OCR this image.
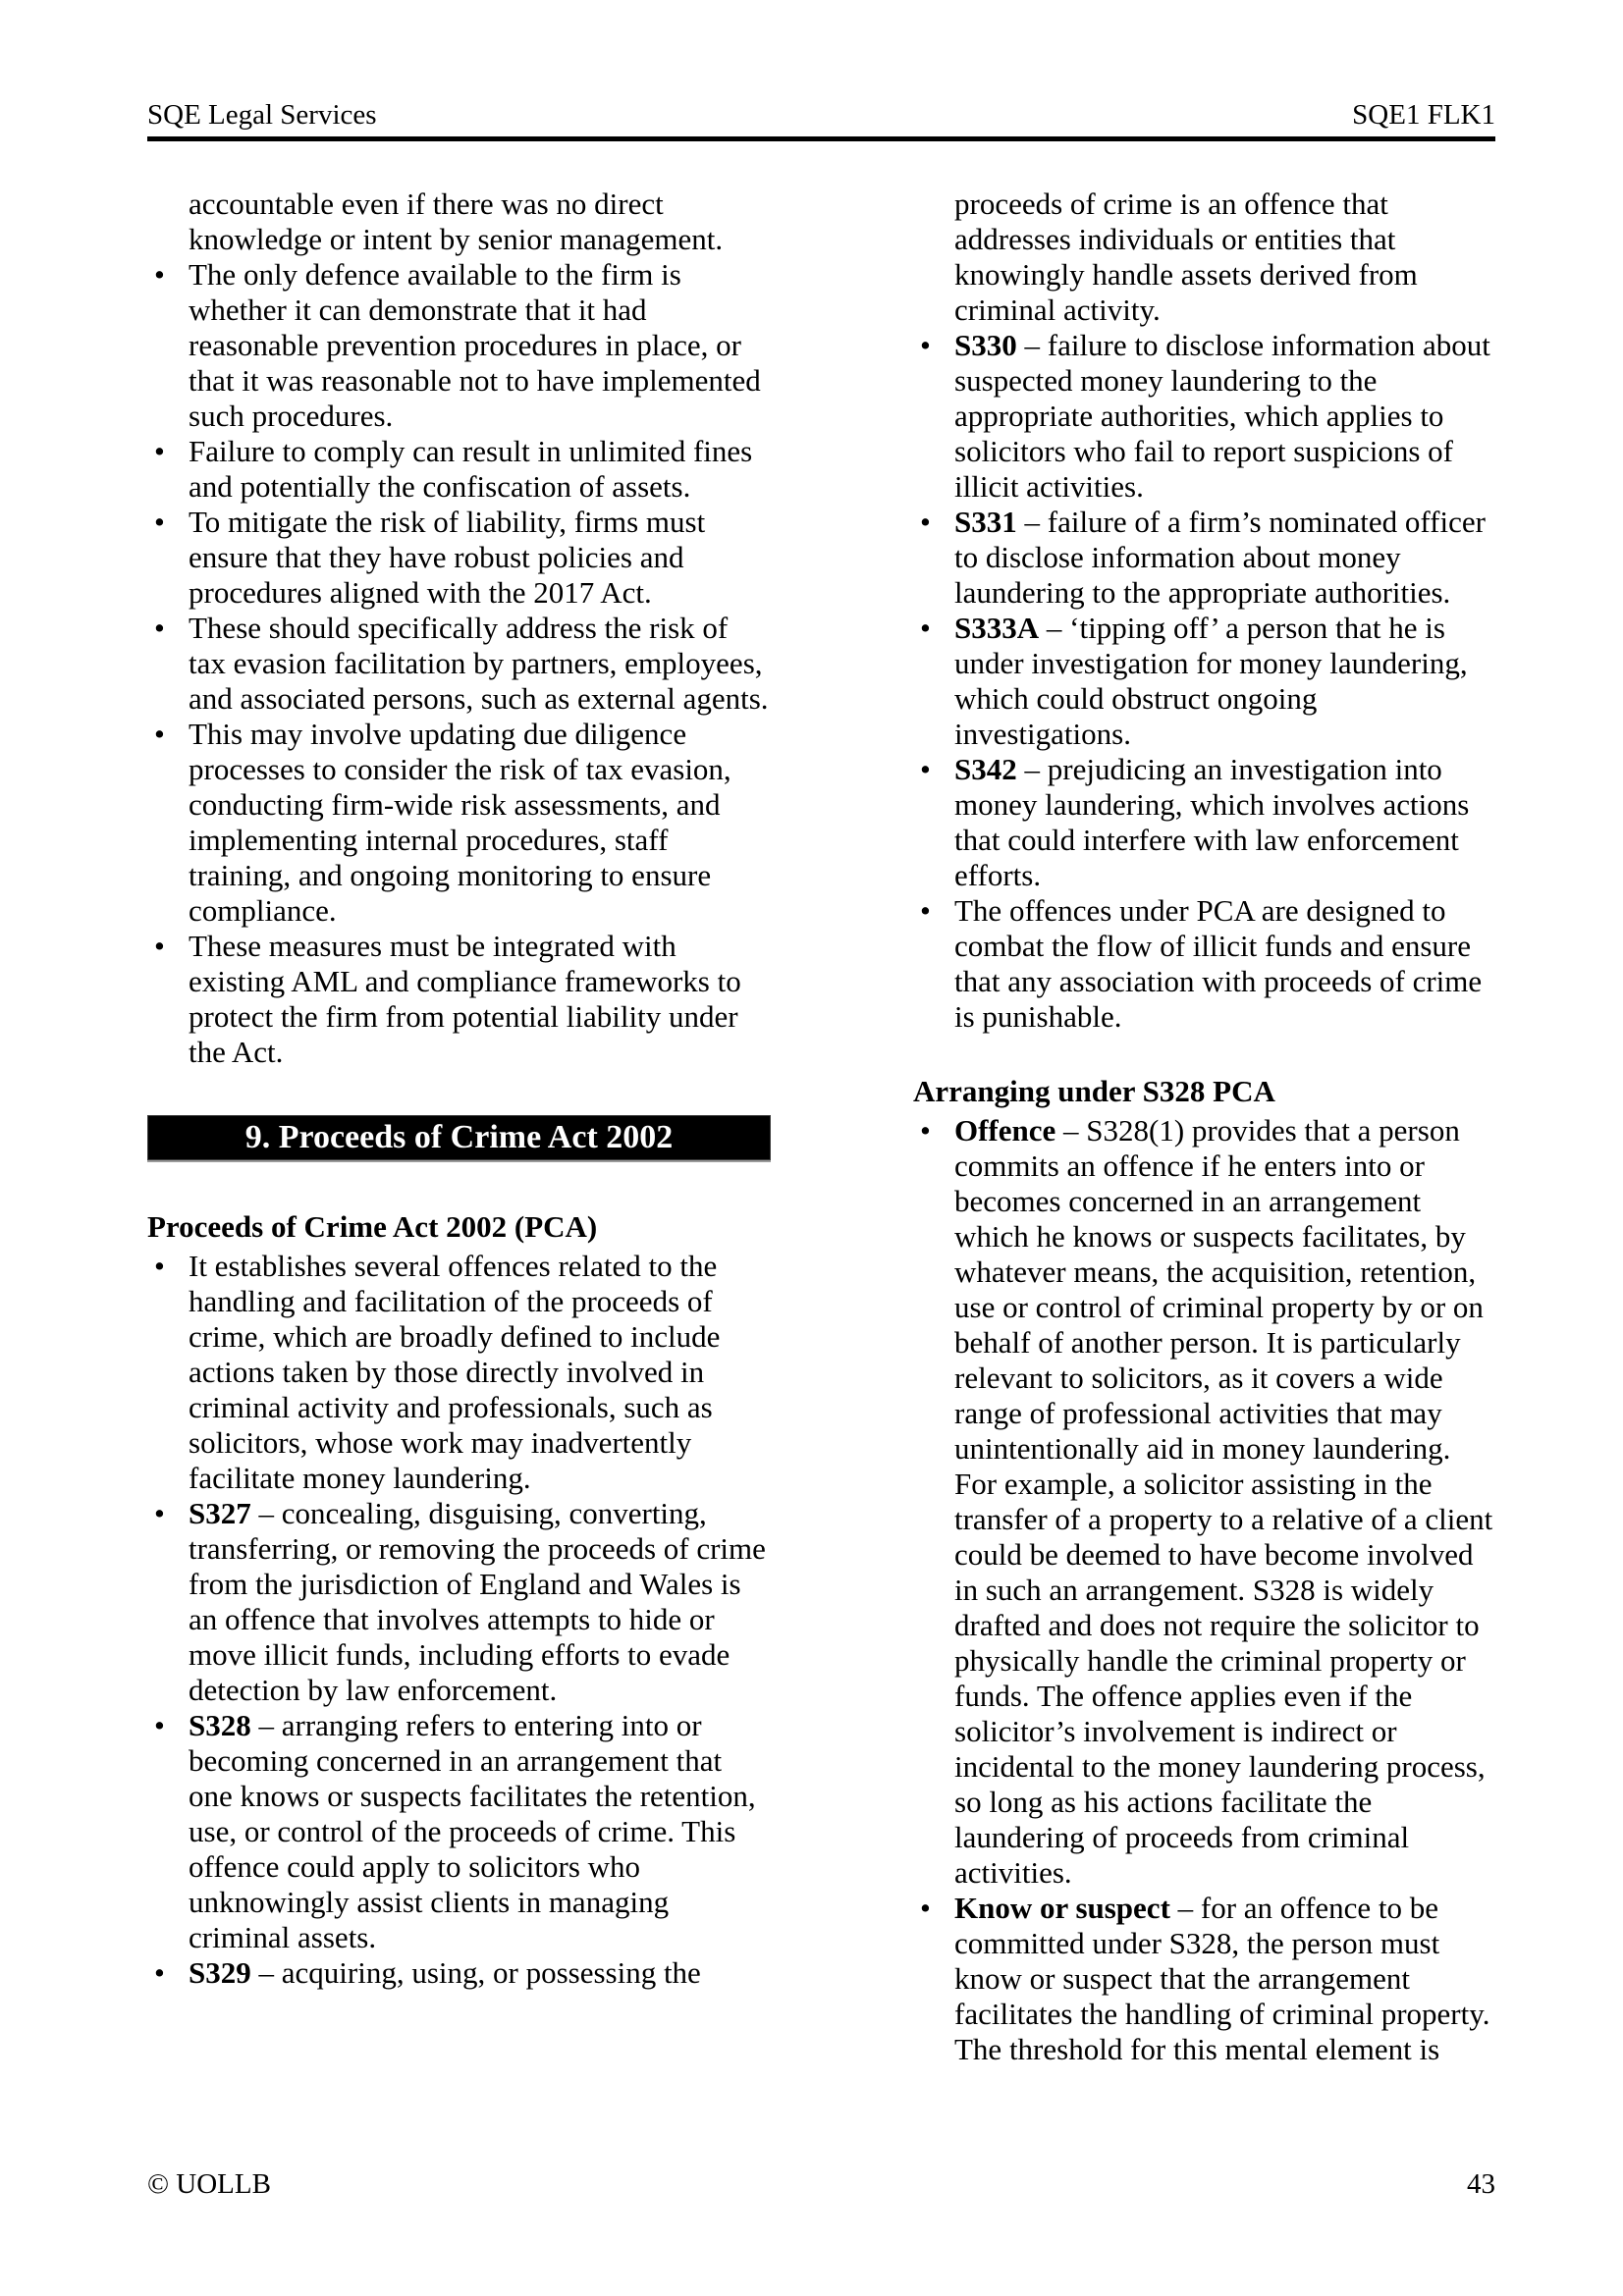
SQE Legal Services	SQE1 FLK1

accountable even if there was no direct knowledge or intent by senior management.

• The only defence available to the firm is whether it can demonstrate that it had reasonable prevention procedures in place, or that it was reasonable not to have implemented such procedures.
• Failure to comply can result in unlimited fines and potentially the confiscation of assets.
• To mitigate the risk of liability, firms must ensure that they have robust policies and procedures aligned with the 2017 Act.
• These should specifically address the risk of tax evasion facilitation by partners, employees, and associated persons, such as external agents.
• This may involve updating due diligence processes to consider the risk of tax evasion, conducting firm-wide risk assessments, and implementing internal procedures, staff training, and ongoing monitoring to ensure compliance.
• These measures must be integrated with existing AML and compliance frameworks to protect the firm from potential liability under the Act.
9. Proceeds of Crime Act 2002
Proceeds of Crime Act 2002 (PCA)
• It establishes several offences related to the handling and facilitation of the proceeds of crime, which are broadly defined to include actions taken by those directly involved in criminal activity and professionals, such as solicitors, whose work may inadvertently facilitate money laundering.
• S327 – concealing, disguising, converting, transferring, or removing the proceeds of crime from the jurisdiction of England and Wales is an offence that involves attempts to hide or move illicit funds, including efforts to evade detection by law enforcement.
• S328 – arranging refers to entering into or becoming concerned in an arrangement that one knows or suspects facilitates the retention, use, or control of the proceeds of crime. This offence could apply to solicitors who unknowingly assist clients in managing criminal assets.
• S329 – acquiring, using, or possessing the

proceeds of crime is an offence that addresses individuals or entities that knowingly handle assets derived from criminal activity.

• S330 – failure to disclose information about suspected money laundering to the appropriate authorities, which applies to solicitors who fail to report suspicions of illicit activities.
• S331 – failure of a firm’s nominated officer to disclose information about money laundering to the appropriate authorities.
• S333A – ‘tipping off’ a person that he is under investigation for money laundering, which could obstruct ongoing investigations.
• S342 – prejudicing an investigation into money laundering, which involves actions that could interfere with law enforcement efforts.
• The offences under PCA are designed to combat the flow of illicit funds and ensure that any association with proceeds of crime is punishable.
Arranging under S328 PCA
• Offence – S328(1) provides that a person commits an offence if he enters into or becomes concerned in an arrangement which he knows or suspects facilitates, by whatever means, the acquisition, retention, use or control of criminal property by or on behalf of another person. It is particularly relevant to solicitors, as it covers a wide range of professional activities that may unintentionally aid in money laundering. For example, a solicitor assisting in the transfer of a property to a relative of a client could be deemed to have become involved in such an arrangement. S328 is widely drafted and does not require the solicitor to physically handle the criminal property or funds. The offence applies even if the solicitor’s involvement is indirect or incidental to the money laundering process, so long as his actions facilitate the laundering of proceeds from criminal activities.
• Know or suspect – for an offence to be committed under S328, the person must know or suspect that the arrangement facilitates the handling of criminal property. The threshold for this mental element is
© UOLLB	43
